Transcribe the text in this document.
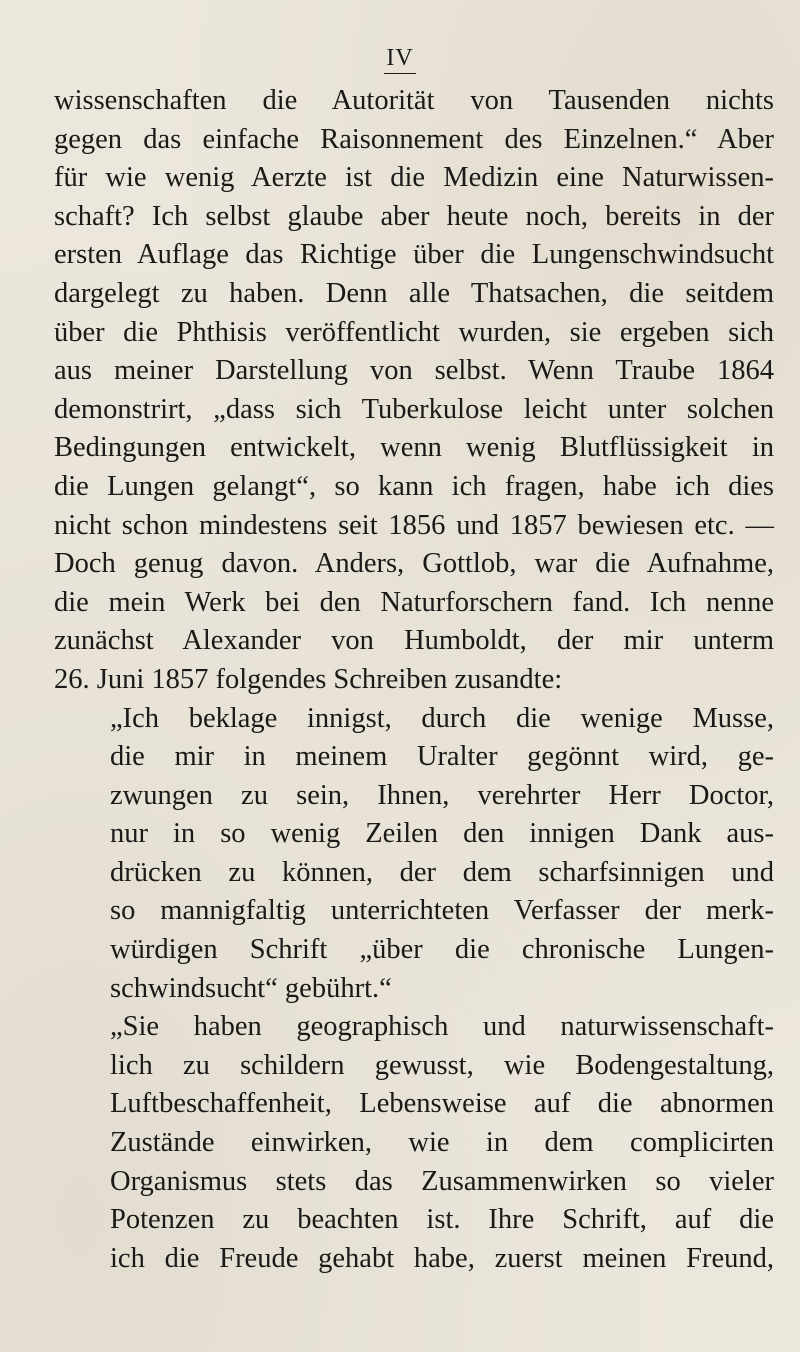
IV
wissenschaften die Autorität von Tausenden nichts
gegen das einfache Raisonnement des Einzelnen.“ Aber
für wie wenig Aerzte ist die Medizin eine Naturwissen-
schaft? Ich selbst glaube aber heute noch, bereits in der
ersten Auflage das Richtige über die Lungenschwindsucht
dargelegt zu haben. Denn alle Thatsachen, die seitdem
über die Phthisis veröffentlicht wurden, sie ergeben sich
aus meiner Darstellung von selbst. Wenn Traube 1864
demonstrirt, „dass sich Tuberkulose leicht unter solchen
Bedingungen entwickelt, wenn wenig Blutflüssigkeit in
die Lungen gelangt“, so kann ich fragen, habe ich dies
nicht schon mindestens seit 1856 und 1857 bewiesen etc. —
Doch genug davon. Anders, Gottlob, war die Aufnahme,
die mein Werk bei den Naturforschern fand. Ich nenne
zunächst Alexander von Humboldt, der mir unterm
26. Juni 1857 folgendes Schreiben zusandte:
„Ich beklage innigst, durch die wenige Musse,
die mir in meinem Uralter gegönnt wird, ge-
zwungen zu sein, Ihnen, verehrter Herr Doctor,
nur in so wenig Zeilen den innigen Dank aus-
drücken zu können, der dem scharfsinnigen und
so mannigfaltig unterrichteten Verfasser der merk-
würdigen Schrift „über die chronische Lungen-
schwindsucht“ gebührt.“
„Sie haben geographisch und naturwissenschaft-
lich zu schildern gewusst, wie Bodengestaltung,
Luftbeschaffenheit, Lebensweise auf die abnormen
Zustände einwirken, wie in dem complicirten
Organismus stets das Zusammenwirken so vieler
Potenzen zu beachten ist. Ihre Schrift, auf die
ich die Freude gehabt habe, zuerst meinen Freund,
